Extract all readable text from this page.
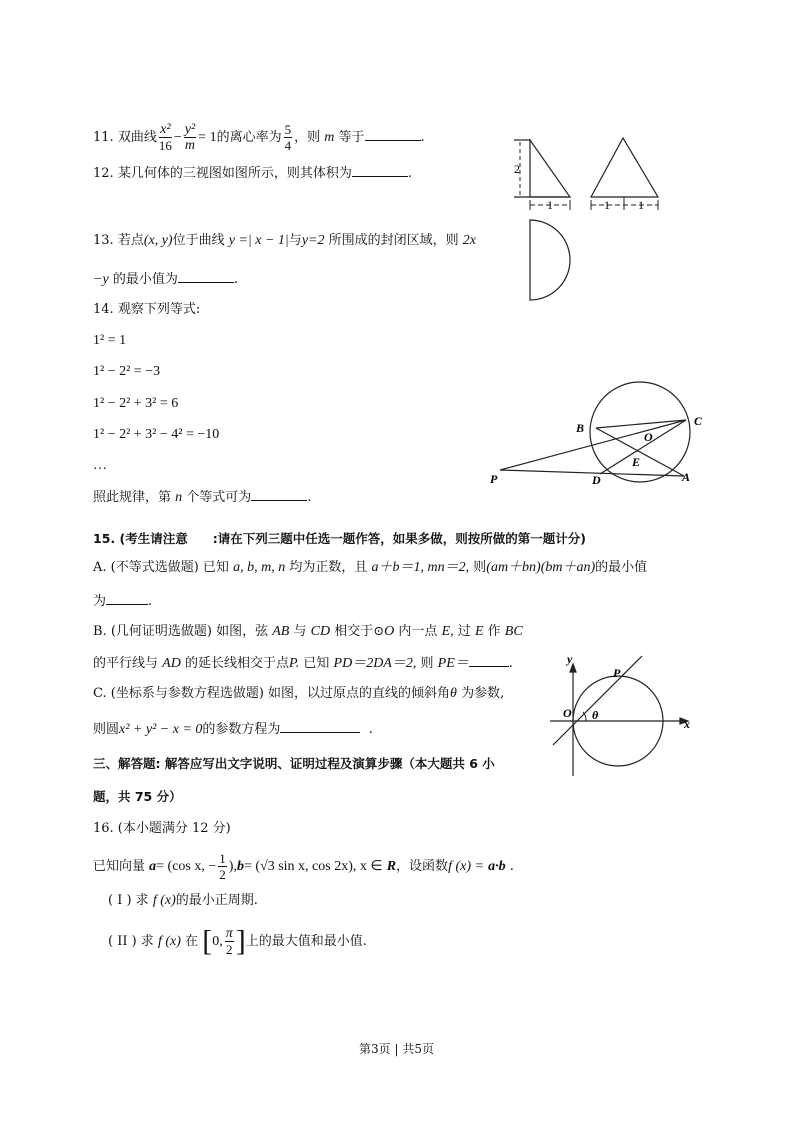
11. 双曲线 $\frac{\text{x²}}{16} - \frac{\text{y²}}{m} = 1$的离心率为 $\frac{5}{4}$ ，则 m 等于	.
12. 某几何体的三视图如图所示，则其体积为	.
13. 若点(x, y)位于曲线 y =| x − 1|与y=2 所围成的封闭区域，则 2x
−y 的最小值为	.
14. 观察下列等式:
1² = 1
1² − 2² = −3
1² − 2² + 3² = 6
1² − 2² + 3² − 4² = −10
…
照此规律，第 n 个等式可为	.
15. (考生请注意　　:请在下列三题中任选一题作答，如果多做，则按所做的第一题计分)
A. (不等式选做题) 已知 a, b, m, n 均为正数，且 a＋b＝1, mn＝2, 则(am＋bn)(bm＋an)的最小值
为	.
B. (几何证明选做题) 如图，弦 AB 与 CD 相交于⊙O 内一点 E, 过 E 作 BC
的平行线与 AD 的延长线相交于点P. 已知 PD＝2DA＝2, 则 PE＝	.
C. (坐标系与参数方程选做题) 如图，以过原点的直线的倾斜角θ 为参数,
则圆x² + y² − x = 0的参数方程为	.
三、解答题: 解答应写出文字说明、证明过程及演算步骤（本大题共 6 小
题，共 75 分）
16. (本小题满分 12 分)
已知向量 a= (cos x, − $\frac{1}{2} ),b= (√3$ sin x, cos 2x), x ∈ R，设函数f (x) = a·b .
( I ) 求 f (x)的最小正周期.
( II ) 求 f (x) 在 [0, $\frac{\pi}{2}$ ]上的最大值和最小值.
2
1	1 1
B	C
O
E
P	D	A
y
P
O θ
x
第3页 | 共5页
